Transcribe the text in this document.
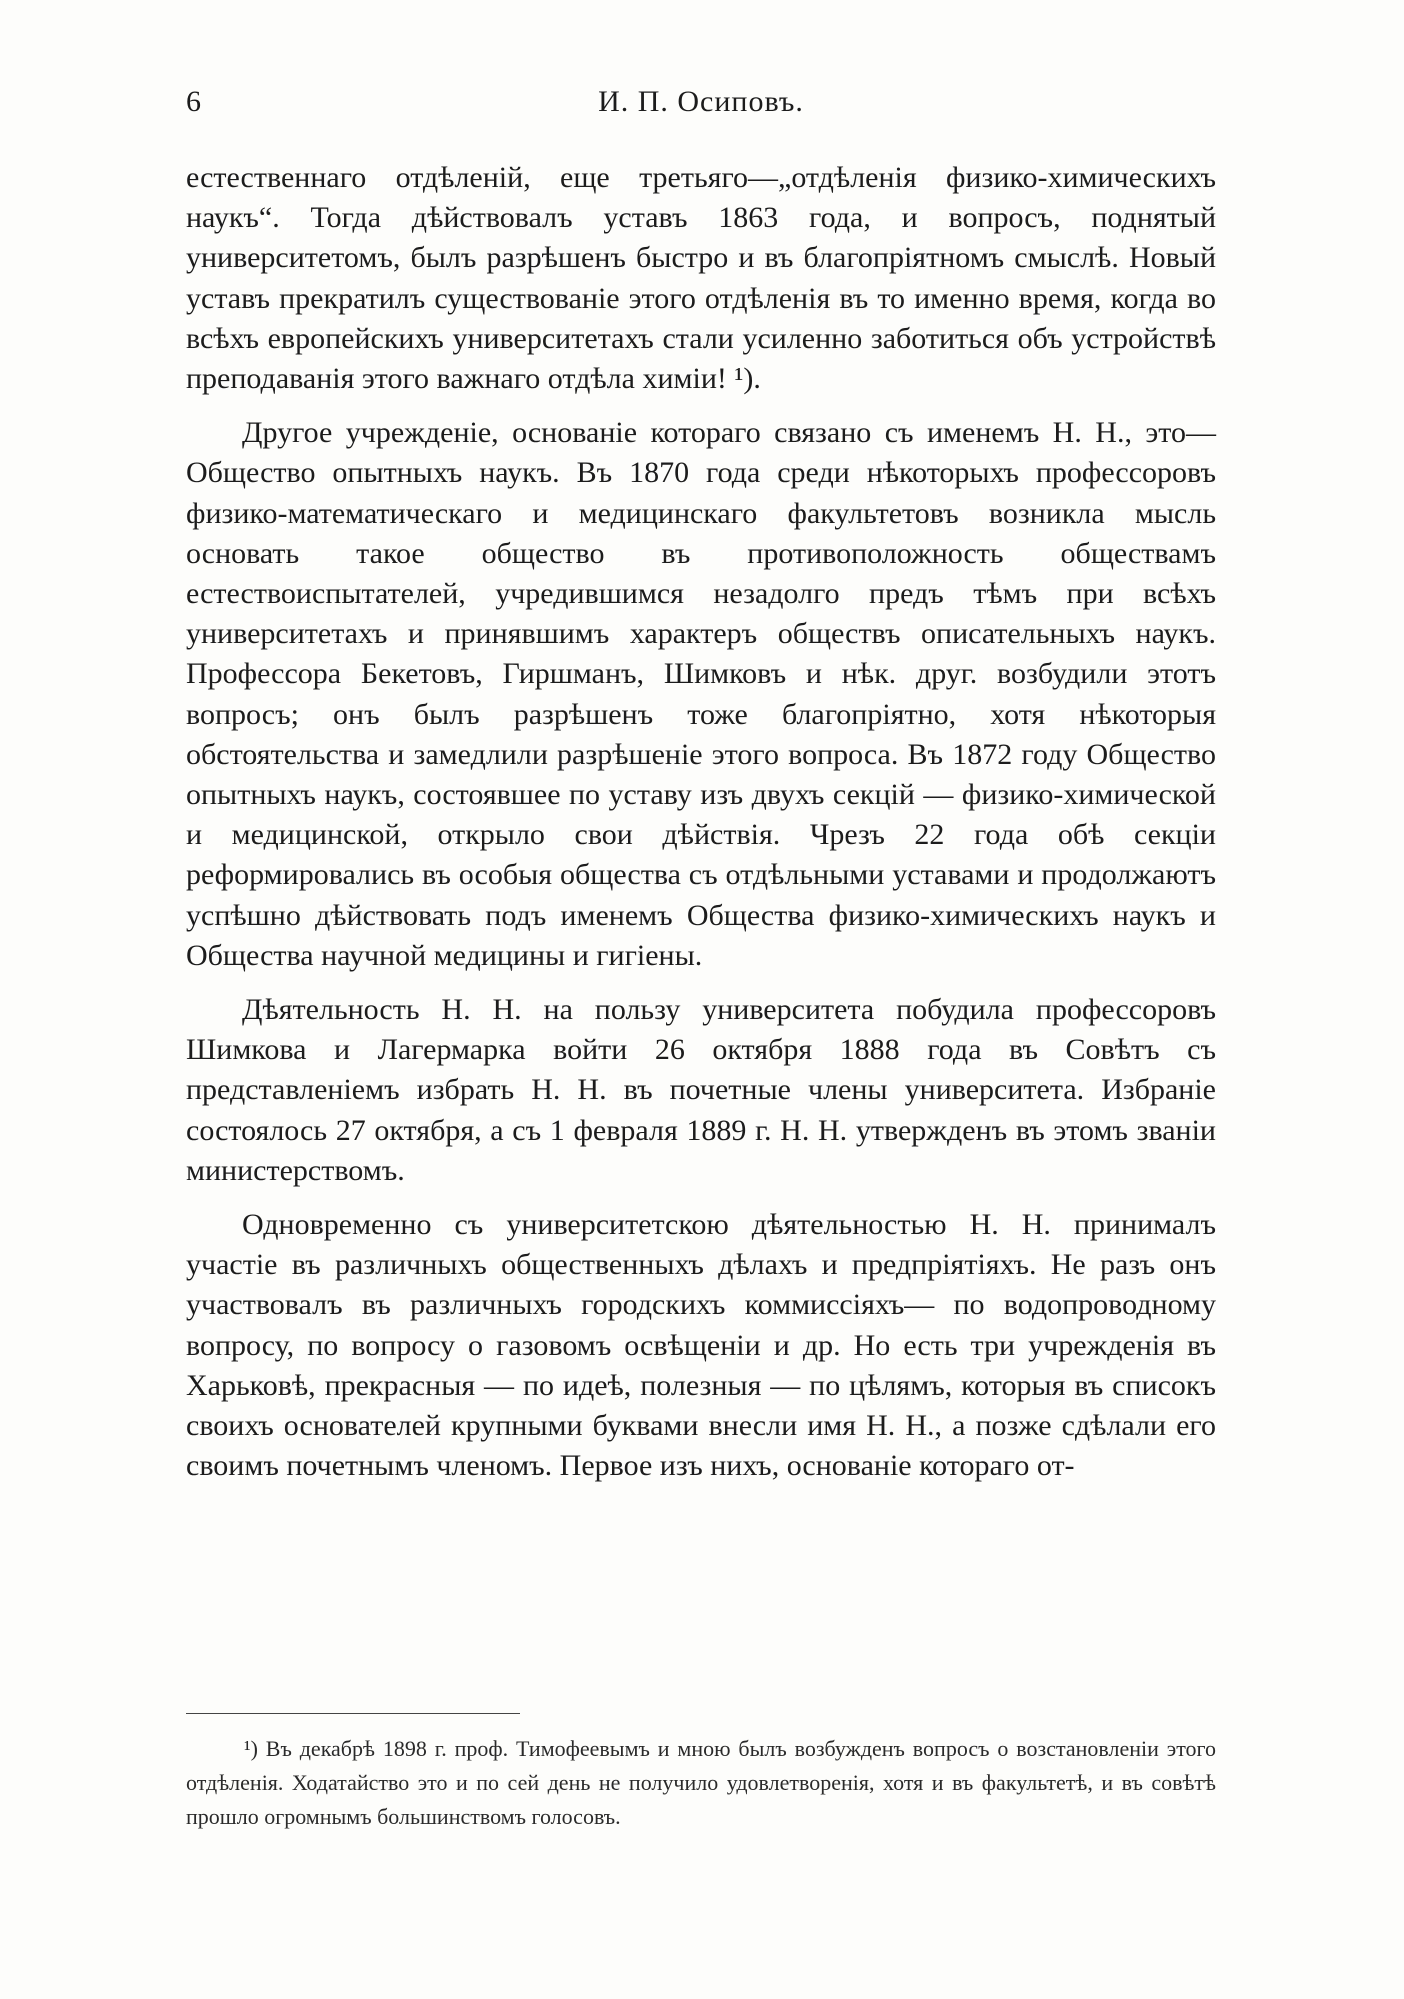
6	И. П. Осиповъ.

естественнаго отдѣленій, еще третьяго—„отдѣленія физико-химическихъ наукъ“. Тогда дѣйствовалъ уставъ 1863 года, и вопросъ, поднятый университетомъ, былъ разрѣшенъ быстро и въ благопріятномъ смыслѣ. Новый уставъ прекратилъ существованіе этого отдѣленія въ то именно время, когда во всѣхъ европейскихъ университетахъ стали усиленно заботиться объ устройствѣ преподаванія этого важнаго отдѣла химіи! ¹).

Другое учрежденіе, основаніе котораго связано съ именемъ Н. Н., это—Общество опытныхъ наукъ. Въ 1870 года среди нѣкоторыхъ профессоровъ физико-математическаго и медицинскаго факультетовъ возникла мысль основать такое общество въ противоположность обществамъ естествоиспытателей, учредившимся незадолго предъ тѣмъ при всѣхъ университетахъ и принявшимъ характеръ обществъ описательныхъ наукъ. Профессора Бекетовъ, Гиршманъ, Шимковъ и нѣк. друг. возбудили этотъ вопросъ; онъ былъ разрѣшенъ тоже благопріятно, хотя нѣкоторыя обстоятельства и замедлили разрѣшеніе этого вопроса. Въ 1872 году Общество опытныхъ наукъ, состоявшее по уставу изъ двухъ секцій — физико-химической и медицинской, открыло свои дѣйствія. Чрезъ 22 года обѣ секціи реформировались въ особыя общества съ отдѣльными уставами и продолжаютъ успѣшно дѣйствовать подъ именемъ Общества физико-химическихъ наукъ и Общества научной медицины и гигіены.

Дѣятельность Н. Н. на пользу университета побудила профессоровъ Шимкова и Лагермарка войти 26 октября 1888 года въ Совѣтъ съ представленіемъ избрать Н. Н. въ почетные члены университета. Избраніе состоялось 27 октября, а съ 1 февраля 1889 г. Н. Н. утвержденъ въ этомъ званіи министерствомъ.

Одновременно съ университетскою дѣятельностью Н. Н. принималъ участіе въ различныхъ общественныхъ дѣлахъ и предпріятіяхъ. Не разъ онъ участвовалъ въ различныхъ городскихъ коммиссіяхъ— по водопроводному вопросу, по вопросу о газовомъ освѣщеніи и др. Но есть три учрежденія въ Харьковѣ, прекрасныя — по идеѣ, полезныя — по цѣлямъ, которыя въ списокъ своихъ основателей крупными буквами внесли имя Н. Н., а позже сдѣлали его своимъ почетнымъ членомъ. Первое изъ нихъ, основаніе котораго от-

¹) Въ декабрѣ 1898 г. проф. Тимофеевымъ и мною былъ возбужденъ вопросъ о возстановленіи этого отдѣленія. Ходатайство это и по сей день не получило удовлетворенія, хотя и въ факультетѣ, и въ совѣтѣ прошло огромнымъ большинствомъ голосовъ.
